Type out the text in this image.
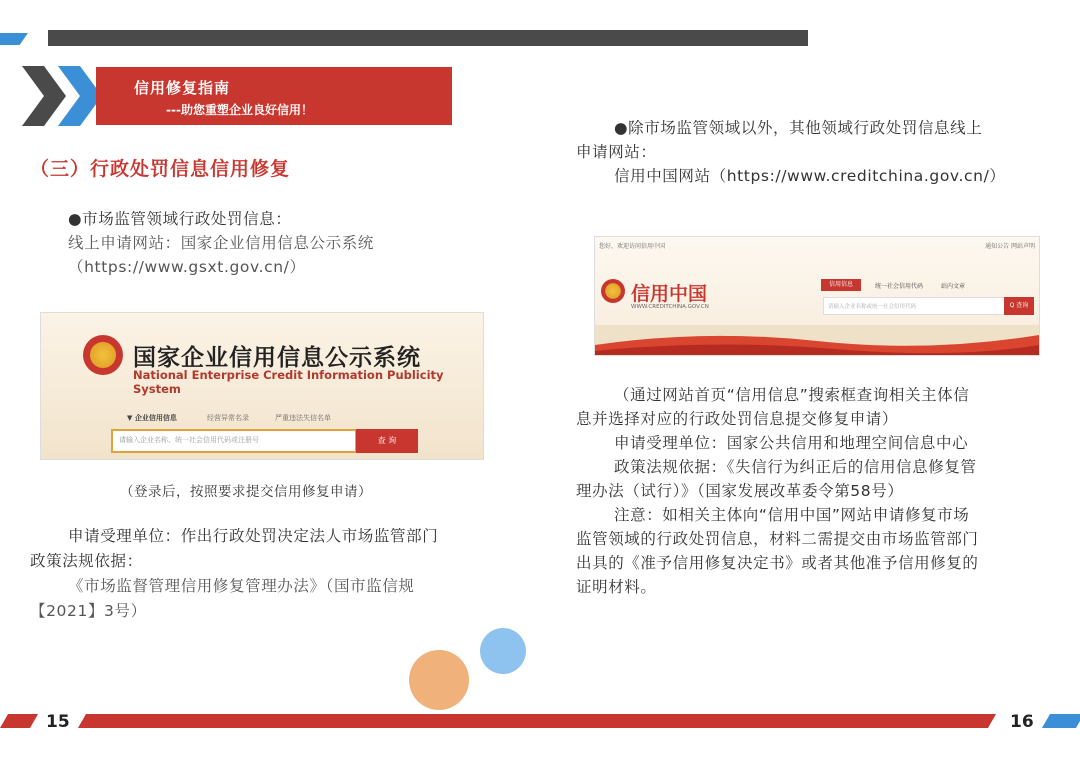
信用修复指南
---助您重塑企业良好信用！
（三）行政处罚信息信用修复
●市场监管领域行政处罚信息：
线上申请网站：国家企业信用信息公示系统
（https://www.gsxt.gov.cn/）
国家企业信用信息公示系统
National Enterprise Credit Information Publicity System
▼ 企业信用信息	经营异常名录	严重违法失信名单
请输入企业名称、统一社会信用代码或注册号	查 询
（登录后，按照要求提交信用修复申请）
申请受理单位：作出行政处罚决定法人市场监管部门
政策法规依据：
《市场监督管理信用修复管理办法》（国市监信规
【2021】3号）
●除市场监管领域以外，其他领域行政处罚信息线上
申请网站：
信用中国网站（https://www.creditchina.gov.cn/）
您好，欢迎访问信用中国	通知公告 网站声明
信用中国
WWW.CREDITCHINA.GOV.CN
信用信息	统一社会信用代码	站内文章
请输入企业名称或统一社会信用代码	Q 查询
（通过网站首页“信用信息”搜索框查询相关主体信
息并选择对应的行政处罚信息提交修复申请）
申请受理单位：国家公共信用和地理空间信息中心
政策法规依据：《失信行为纠正后的信用信息修复管
理办法（试行）》（国家发展改革委令第58号）
注意：如相关主体向“信用中国”网站申请修复市场
监管领域的行政处罚信息，材料二需提交由市场监管部门
出具的《准予信用修复决定书》或者其他准予信用修复的
证明材料。
15	16
